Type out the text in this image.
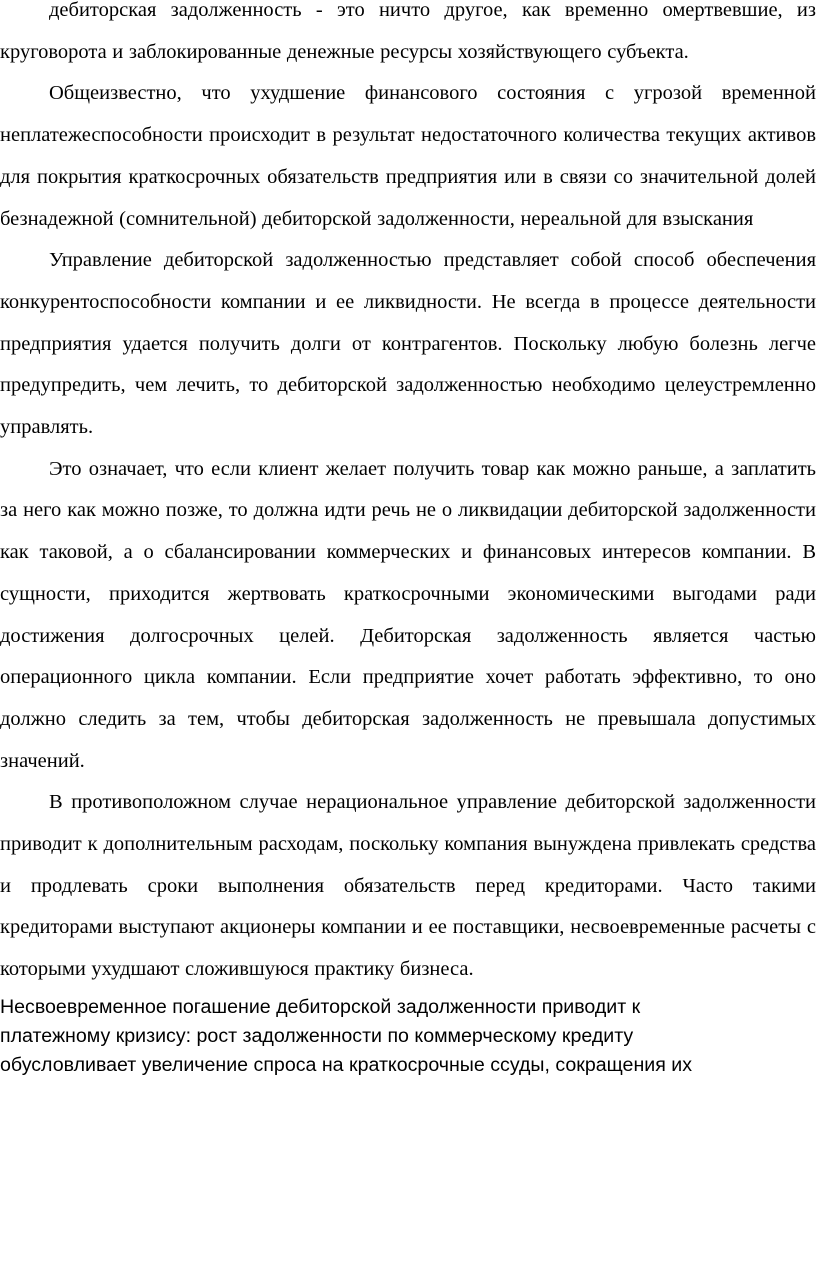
дебиторская задолженность - это ничто другое, как временно омертвевшие, из круговорота и заблокированные денежные ресурсы хозяйствующего субъекта.

Общеизвестно, что ухудшение финансового состояния с угрозой временной неплатежеспособности происходит в результат недостаточного количества текущих активов для покрытия краткосрочных обязательств предприятия или в связи со значительной долей безнадежной (сомнительной) дебиторской задолженности, нереальной для взыскания

Управление дебиторской задолженностью представляет собой способ обеспечения конкурентоспособности компании и ее ликвидности. Не всегда в процессе деятельности предприятия удается получить долги от контрагентов. Поскольку любую болезнь легче предупредить, чем лечить, то дебиторской задолженностью необходимо целеустремленно управлять.

Это означает, что если клиент желает получить товар как можно раньше, а заплатить за него как можно позже, то должна идти речь не о ликвидации дебиторской задолженности как таковой, а о сбалансировании коммерческих и финансовых интересов компании. В сущности, приходится жертвовать краткосрочными экономическими выгодами ради достижения долгосрочных целей. Дебиторская задолженность является частью операционного цикла компании. Если предприятие хочет работать эффективно, то оно должно следить за тем, чтобы дебиторская задолженность не превышала допустимых значений.

В противоположном случае нерациональное управление дебиторской задолженности приводит к дополнительным расходам, поскольку компания вынуждена привлекать средства и продлевать сроки выполнения обязательств перед кредиторами. Часто такими кредиторами выступают акционеры компании и ее поставщики, несвоевременные расчеты с которыми ухудшают сложившуюся практику бизнеса.

Несвоевременное погашение дебиторской задолженности приводит к
платежному кризису: рост задолженности по коммерческому кредиту
обусловливает увеличение спроса на краткосрочные ссуды, сокращения их
